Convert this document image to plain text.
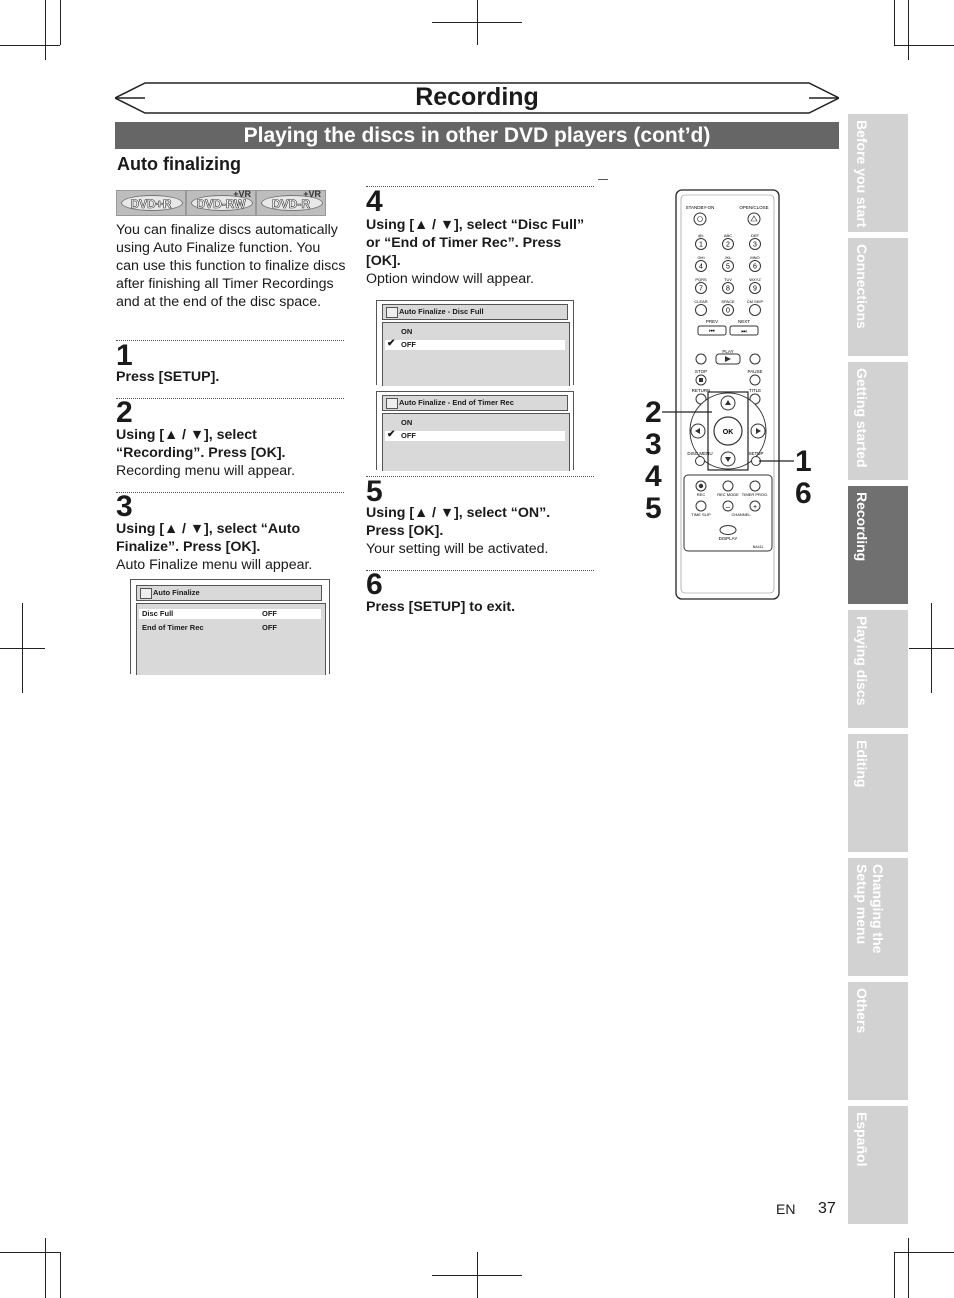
Recording
Playing the discs in other DVD players (cont’d)
Auto finalizing
DVD+R
+VR
DVD-RW
+VR
DVD-R
You can finalize discs automatically using Auto Finalize function. You can use this function to finalize discs after finishing all Timer Recordings and at the end of the disc space.
1
Press [SETUP].
2
Using [▲ / ▼], select “Recording”. Press [OK].
Recording menu will appear.
3
Using [▲ / ▼], select “Auto Finalize”. Press [OK].
Auto Finalize menu will appear.
Auto Finalize
Disc Full	OFF
End of Timer Rec	OFF
4
Using [▲ / ▼], select “Disc Full” or “End of Timer Rec”. Press [OK].
Option window will appear.
Auto Finalize - Disc Full
ON
✔ OFF
Auto Finalize - End of Timer Rec
ON
✔ OFF
5
Using [▲ / ▼], select “ON”. Press [OK].
Your setting will be activated.
6
Press [SETUP] to exit.
STANDBY-ON	OPEN/CLOSE
@/:
1
ABC
2
DEF
3
GHI
4
JKL
5
MNO
6
PQRS
7
TUV
8
WXYZ
9
CLEAR	SPACE
0
CM SKIP
PREV	NEXT
⏮	⏭
PLAY
STOP	PAUSE
RETURN	TITLE
OK
DISC MENU	SETUP
REC	REC MODE TIMER PROG.
–	+
TIME SLIP	CHANNEL
DISPLAY
NA411
2
3
4
5
1
6
Before you start
Connections
Getting started
Recording
Playing discs
Editing
Changing the
Setup menu
Others
Español
EN 37
